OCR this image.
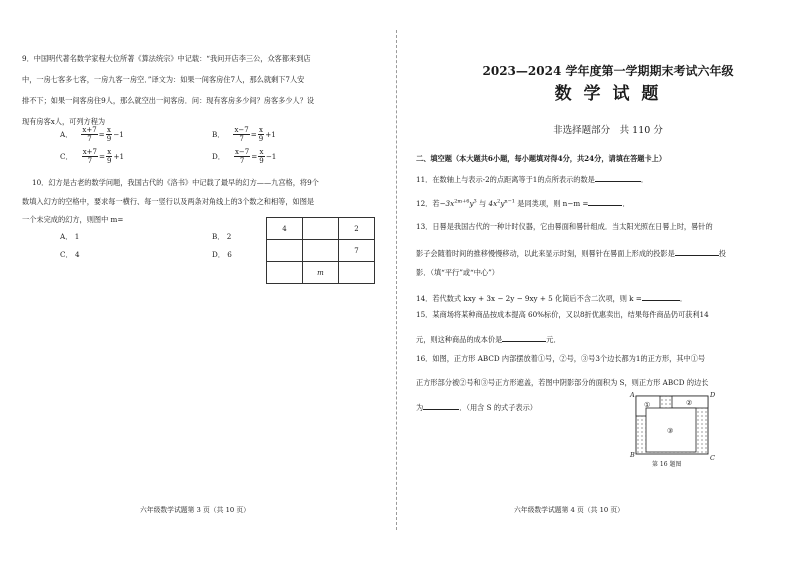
9．中国明代著名数学家程大位所著《算法统宗》中记载：“我问开店李三公，众客都来到店
中，一房七客多七客，一房九客一房空．”译文为：如果一间客房住7人，那么就剩下7人安
排不下；如果一间客房住9人，那么就空出一间客房．问：现有客房多少间？房客多少人？设
现有房客x人，可列方程为
A． $\frac{x+7}{7} = \frac{x}{9} -1$	B． $\frac{x-7}{7} = \frac{x}{9} +1$
C． $\frac{x+7}{7} = \frac{x}{9} +1$	D． $\frac{x-7}{7} = \frac{x}{9} -1$
10．幻方是古老的数学问题，我国古代的《洛书》中记载了最早的幻方——九宫格，将9个
数填入幻方的空格中，要求每一横行、每一竖行以及两条对角线上的3个数之和相等，如图是
一个未完成的幻方，则图中 m=
A． 1	B． 2
C． 4	D． 6
4		2
		7
	m	
六年级数学试题第 3 页（共 10 页）
2023—2024 学年度第一学期期末考试六年级
数 学 试 题
非选择题部分　共 110 分
二、填空题（本大题共6小题，每小题填对得4分，共24分，请填在答题卡上）
11．在数轴上与表示-2的点距离等于1的点所表示的数是	．
12．若$-3x^{2m+6}y^3$ 与 $4x^2y^{n-1}$ 是同类项，则 n−m =	．
13．日晷是我国古代的一种计时仪器，它由晷面和晷针组成．当太阳光照在日晷上时，晷针的
影子会随着时间的推移慢慢移动，以此来显示时刻，则晷针在晷面上形成的投影是	投
影．（填“平行”或“中心”）
14．若代数式 kxy + 3x − 2y − 9xy + 5 化简后不含二次项，则 k =	．
15．某商场将某种商品按成本提高 60%标价，又以8折优惠卖出，结果每件商品仍可获利14
元，则这种商品的成本价是	元．
16．如图，正方形 ABCD 内部摆放着①号，②号，③号3个边长都为1的正方形，其中①号
正方形部分被②号和③号正方形遮盖，若图中阴影部分的面积为 S，则正方形 ABCD 的边长
为	．（用含 S 的式子表示）
A	D
B	C
①	②
③
第 16 题图
六年级数学试题第 4 页（共 10 页）
